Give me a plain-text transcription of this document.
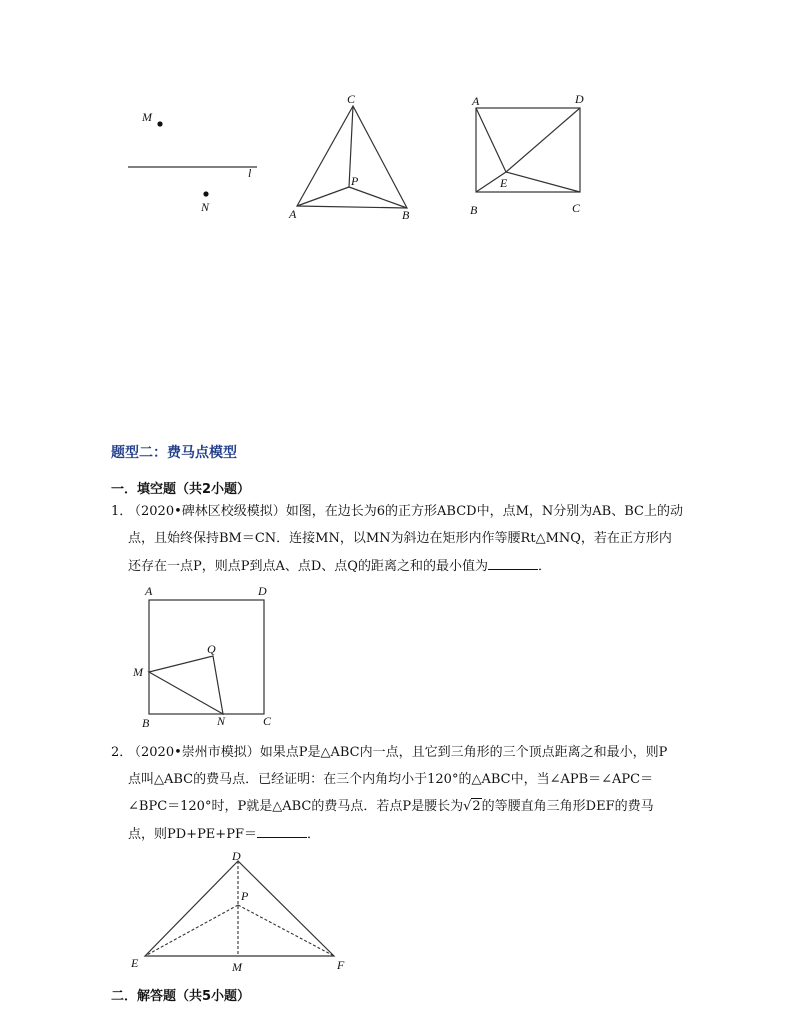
M
N
l
C
P
A	B
A	D
E
B	C

题型二：费马点模型

一．填空题（共2小题）

1．

（2020•碑林区校级模拟）如图，在边长为6的正方形ABCD中，点M，N分别为AB、BC上的动

点，且始终保持BM＝CN．连接MN，以MN为斜边在矩形内作等腰Rt△MNQ，若在正方形内

还存在一点P，则点P到点A、点D、点Q的距离之和的最小值为	．

A	D
Q
M
B	N	C

2．

（2020•崇州市模拟）如果点P是△ABC内一点，且它到三角形的三个顶点距离之和最小，则P

点叫△ABC的费马点．已经证明：在三个内角均小于120°的△ABC中，当∠APB＝∠APC＝

∠BPC＝120°时，P就是△ABC的费马点．若点P是腰长为√2的等腰直角三角形DEF的费马

点，则PD+PE+PF＝	．

D
P
E	M	F

二．解答题（共5小题）
